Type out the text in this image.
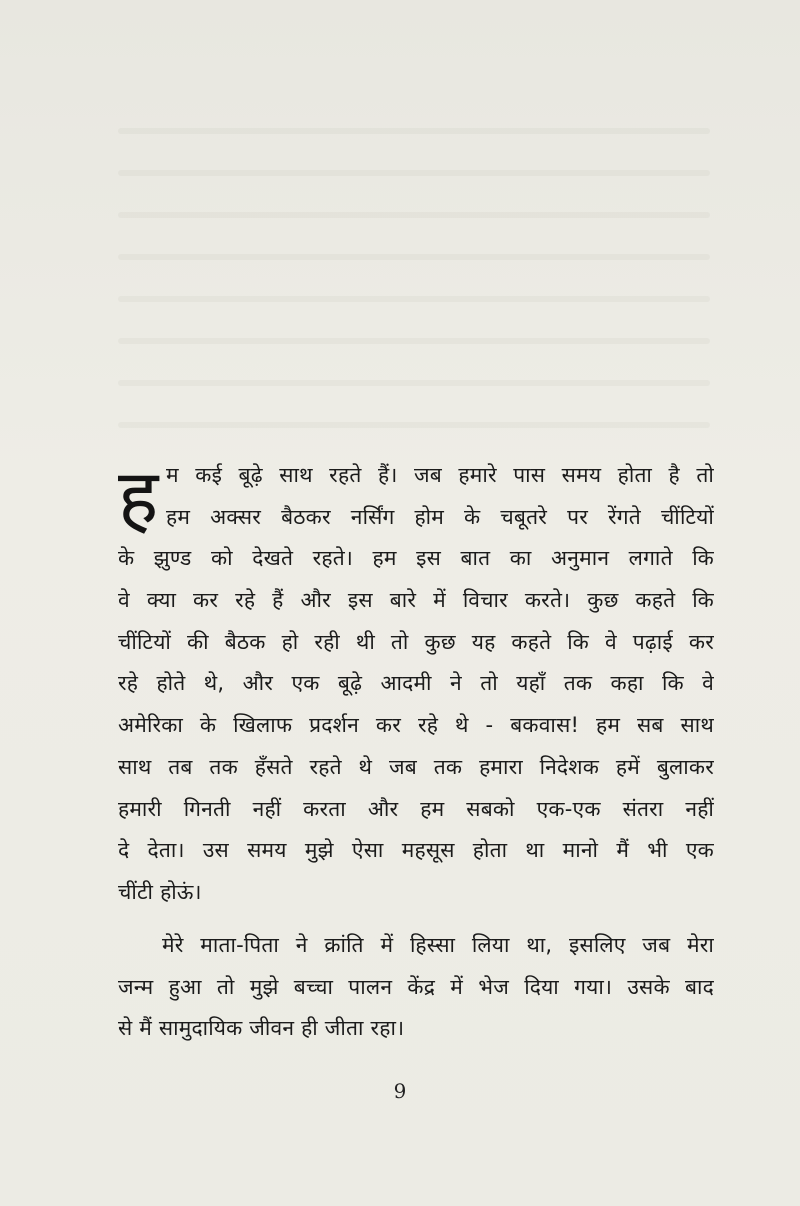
ह म कई बूढ़े साथ रहते हैं। जब हमारे पास समय होता है तो
हम अक्सर बैठकर नर्सिंग होम के चबूतरे पर रेंगते चींटियों
के झुण्ड को देखते रहते। हम इस बात का अनुमान लगाते कि
वे क्या कर रहे हैं और इस बारे में विचार करते। कुछ कहते कि
चींटियों की बैठक हो रही थी तो कुछ यह कहते कि वे पढ़ाई कर
रहे होते थे, और एक बूढ़े आदमी ने तो यहाँ तक कहा कि वे
अमेरिका के खिलाफ प्रदर्शन कर रहे थे - बकवास! हम सब साथ
साथ तब तक हँसते रहते थे जब तक हमारा निदेशक हमें बुलाकर
हमारी गिनती नहीं करता और हम सबको एक-एक संतरा नहीं
दे देता। उस समय मुझे ऐसा महसूस होता था मानो मैं भी एक
चींटी होऊं।
मेरे माता-पिता ने क्रांति में हिस्सा लिया था, इसलिए जब मेरा
जन्म हुआ तो मुझे बच्चा पालन केंद्र में भेज दिया गया। उसके बाद
से मैं सामुदायिक जीवन ही जीता रहा।
9
